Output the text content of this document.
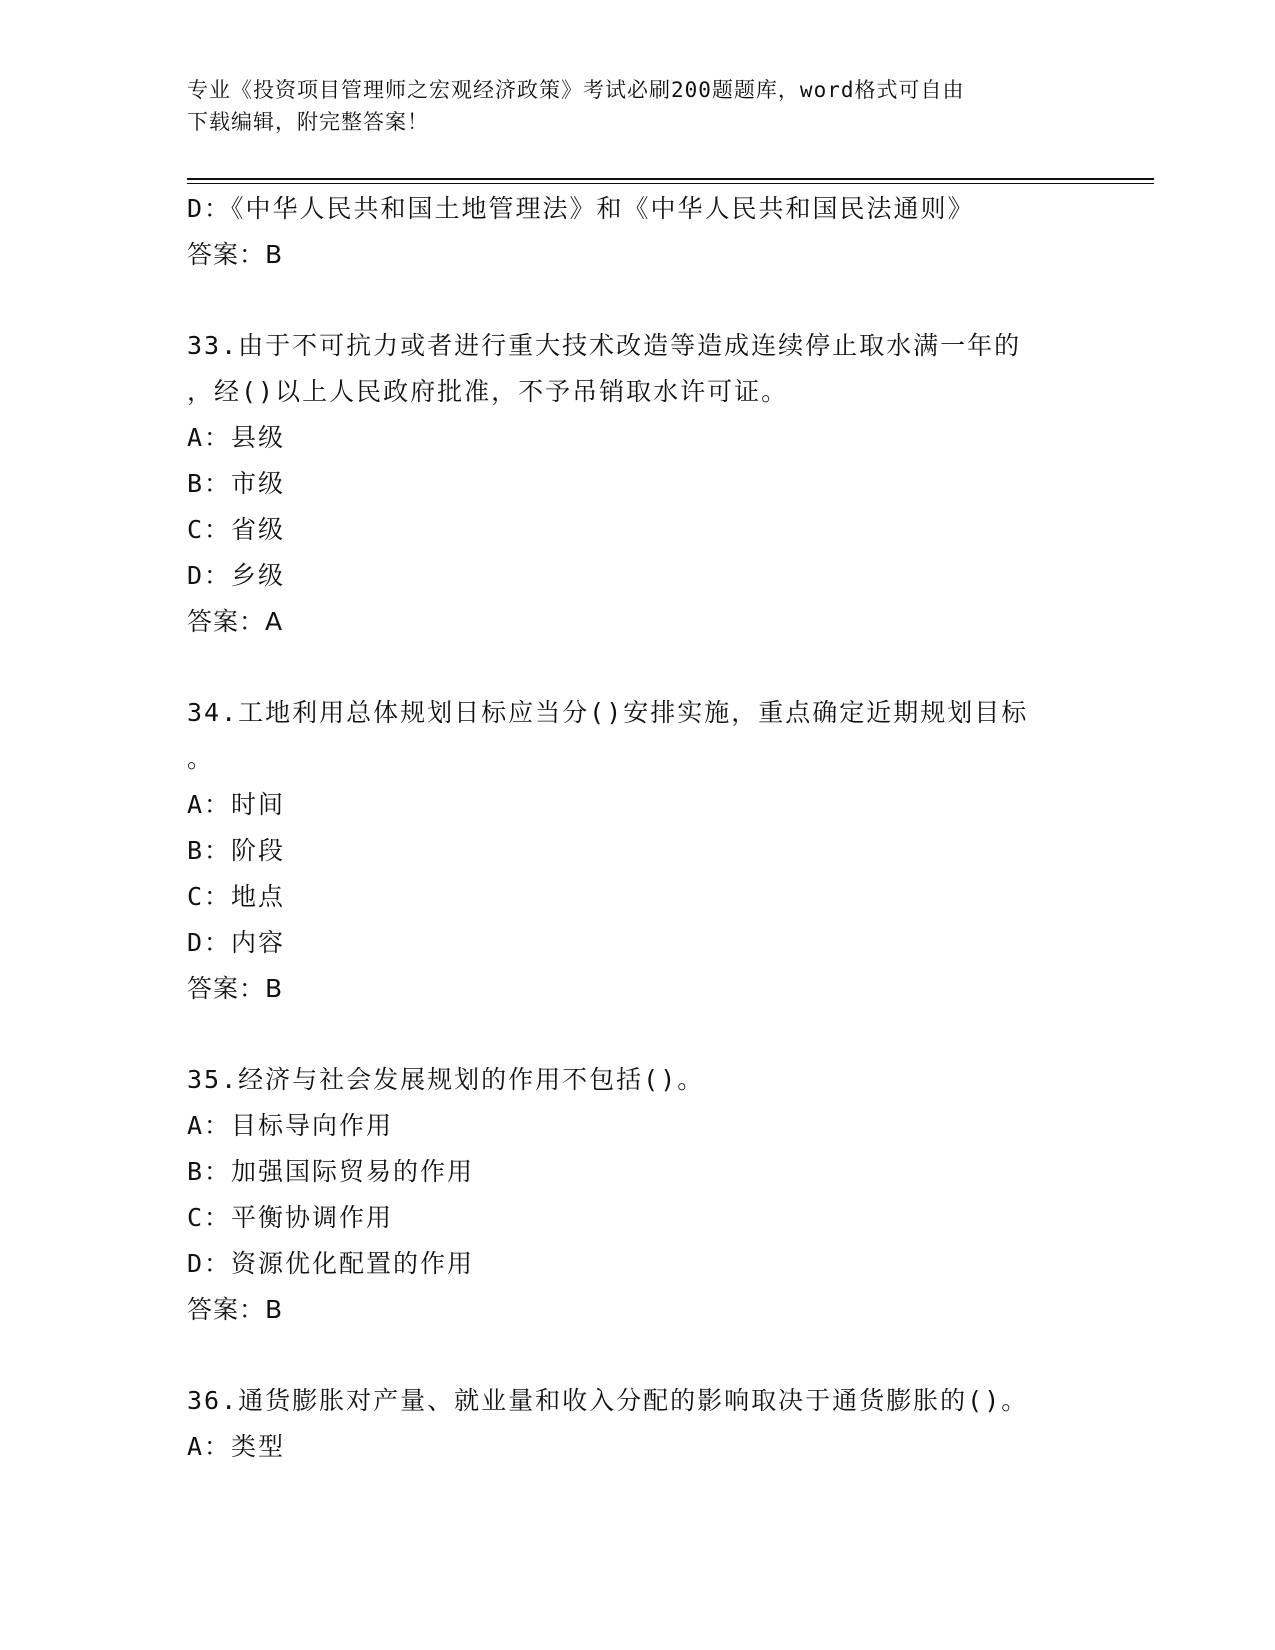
专业《投资项目管理师之宏观经济政策》考试必刷200题题库，word格式可自由
下载编辑，附完整答案！
D：《中华人民共和国土地管理法》和《中华人民共和国民法通则》
答案：B
33.由于不可抗力或者进行重大技术改造等造成连续停止取水满一年的
，经()以上人民政府批准，不予吊销取水许可证。
A：县级
B：市级
C：省级
D：乡级
答案：A
34.工地利用总体规划日标应当分()安排实施，重点确定近期规划目标
。
A：时间
B：阶段
C：地点
D：内容
答案：B
35.经济与社会发展规划的作用不包括()。
A：目标导向作用
B：加强国际贸易的作用
C：平衡协调作用
D：资源优化配置的作用
答案：B
36.通货膨胀对产量、就业量和收入分配的影响取决于通货膨胀的()。
A：类型
